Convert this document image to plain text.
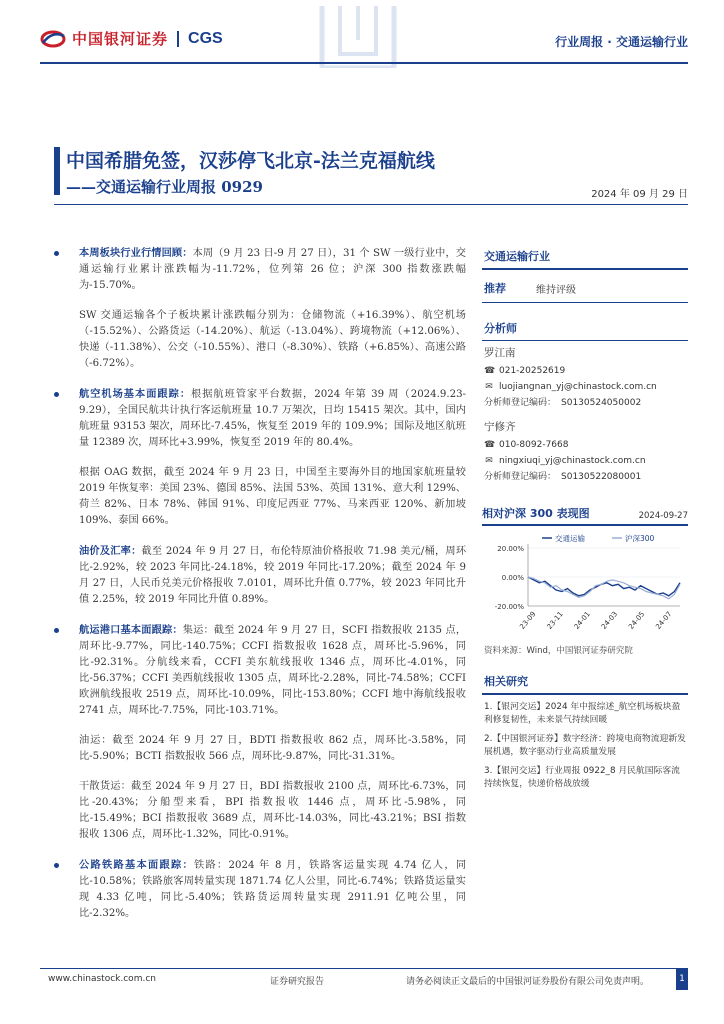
中国银河证券 CGS	行业周报 · 交通运输行业
中国希腊免签，汉莎停飞北京-法兰克福航线
——交通运输行业周报 0929	2024 年 09 月 29 日
本周板块行业行情回顾：本周（9 月 23 日-9 月 27 日），31 个 SW 一级行业中，交通运输行业累计涨跌幅为-11.72%，位列第 26 位；沪深 300 指数涨跌幅为-15.70%。
SW 交通运输各个子板块累计涨跌幅分别为：仓储物流（+16.39%）、航空机场（-15.52%）、公路货运（-14.20%）、航运（-13.04%）、跨境物流（+12.06%）、快递（-11.38%）、公交（-10.55%）、港口（-8.30%）、铁路（+6.85%）、高速公路（-6.72%）。
航空机场基本面跟踪：根据航班管家平台数据，2024 年第 39 周（2024.9.23-9.29），全国民航共计执行客运航班量 10.7 万架次，日均 15415 架次。其中，国内航班量 93153 架次，周环比-7.45%，恢复至 2019 年的 109.9%；国际及地区航班量 12389 次，周环比+3.99%，恢复至 2019 年的 80.4%。
根据 OAG 数据，截至 2024 年 9 月 23 日，中国至主要海外目的地国家航班量较 2019 年恢复率：美国 23%、德国 85%、法国 53%、英国 131%、意大利 129%、荷兰 82%、日本 78%、韩国 91%、印度尼西亚 77%、马来西亚 120%、新加坡 109%、泰国 66%。
油价及汇率：截至 2024 年 9 月 27 日，布伦特原油价格报收 71.98 美元/桶，周环比-2.92%，较 2023 年同比-24.18%，较 2019 年同比-17.20%；截至 2024 年 9 月 27 日，人民币兑美元价格报收 7.0101，周环比升值 0.77%，较 2023 年同比升值 2.25%，较 2019 年同比升值 0.89%。
航运港口基本面跟踪：集运：截至 2024 年 9 月 27 日，SCFI 指数报收 2135 点，周环比-9.77%，同比-140.75%；CCFI 指数报收 1628 点，周环比-5.96%，同比-92.31%。分航线来看，CCFI 美东航线报收 1346 点，周环比-4.01%，同比-56.37%；CCFI 美西航线报收 1305 点，周环比-2.28%，同比-74.58%；CCFI 欧洲航线报收 2519 点，周环比-10.09%，同比-153.80%；CCFI 地中海航线报收 2741 点，周环比-7.75%，同比-103.71%。
油运：截至 2024 年 9 月 27 日，BDTI 指数报收 862 点，周环比-3.58%，同比-5.90%；BCTI 指数报收 566 点，周环比-9.87%，同比-31.31%。
干散货运：截至 2024 年 9 月 27 日，BDI 指数报收 2100 点，周环比-6.73%，同比-20.43%；分船型来看，BPI 指数报收 1446 点，周环比-5.98%，同比-15.49%；BCI 指数报收 3689 点，周环比-14.03%，同比-43.21%；BSI 指数报收 1306 点，周环比-1.32%，同比-0.91%。
公路铁路基本面跟踪：铁路：2024 年 8 月，铁路客运量实现 4.74 亿人，同比-10.58%；铁路旅客周转量实现 1871.74 亿人公里，同比-6.74%；铁路货运量实现 4.33 亿吨，同比-5.40%；铁路货运周转量实现 2911.91 亿吨公里，同比-2.32%。
交通运输行业
推荐	维持评级
分析师
罗江南
☎ 021-20252619
✉ luojiangnan_yj@chinastock.com.cn
分析师登记编码： S0130524050002
宁修齐
☎ 010-8092-7668
✉ ningxiuqi_yj@chinastock.com.cn
分析师登记编码： S0130522080001
相对沪深 300 表现图	2024-09-27
20.00%
0.00%
-20.00%
23-09 23-11 24-01 24-03 24-05 24-07
交通运输	沪深300
资料来源：Wind，中国银河证券研究院
相关研究
1.【银河交运】2024 年中报综述_航空机场板块盈利修复韧性，未来景气持续回暖
2.【中国银河证券】数字经济：跨境电商物流迎新发展机遇，数字驱动行业高质量发展
3.【银河交运】行业周报 0922_8 月民航国际客流持续恢复，快递价格战放缓
www.chinastock.com.cn	证券研究报告	请务必阅读正文最后的中国银河证券股份有限公司免责声明。	1
